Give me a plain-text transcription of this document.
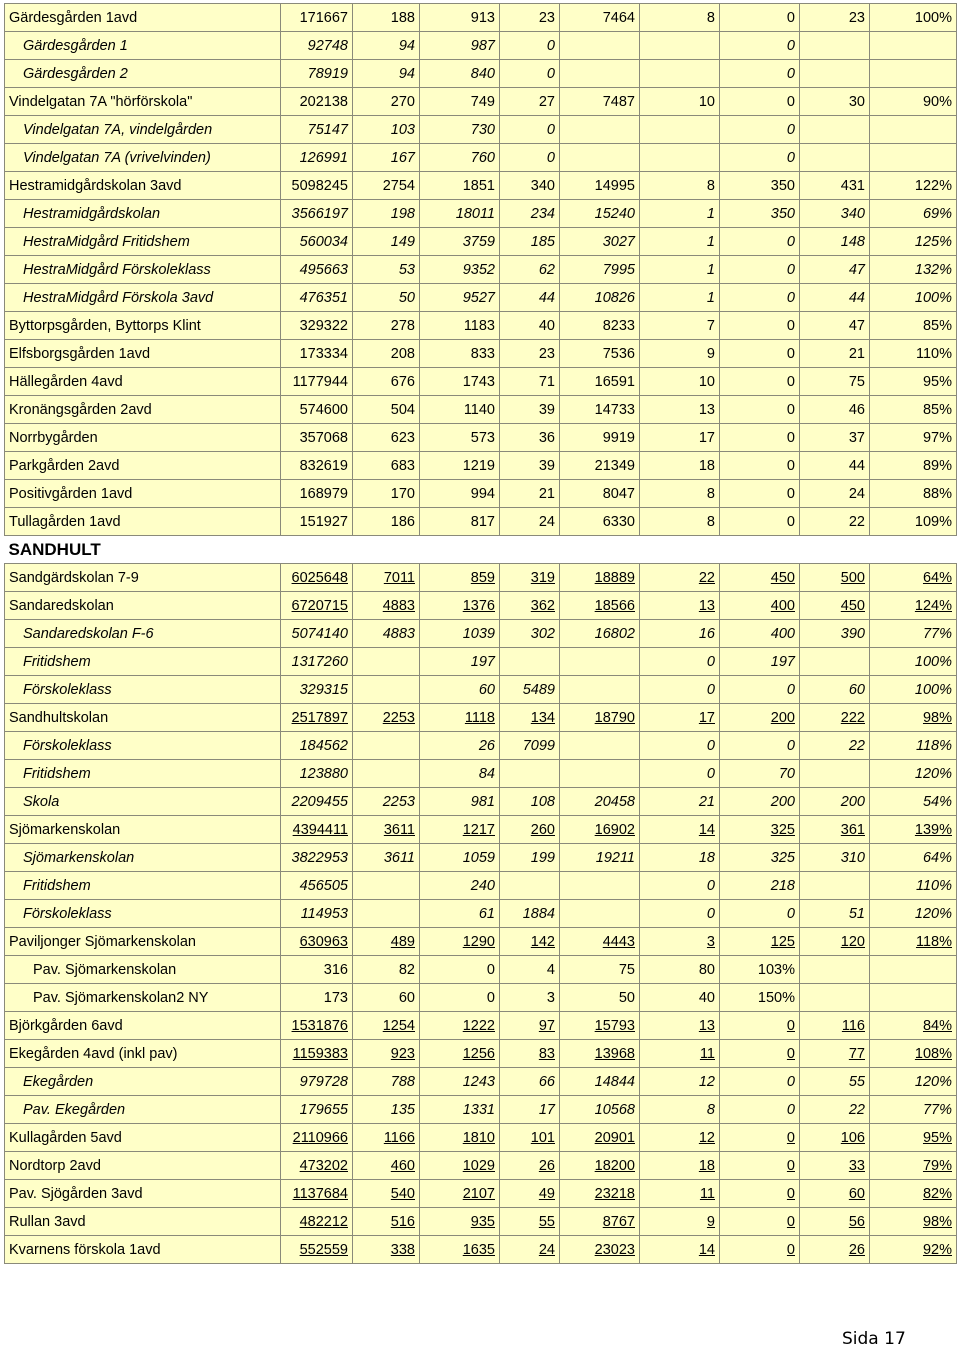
Gärdesgården 1avd	171667	188	913	23	7464	8	0	23	100%
Gärdesgården 1	92748	94	987	0			0		
Gärdesgården 2	78919	94	840	0			0		
Vindelgatan 7A "hörförskola"	202138	270	749	27	7487	10	0	30	90%
Vindelgatan 7A, vindelgården	75147	103	730	0			0		
Vindelgatan 7A (vrivelvinden)	126991	167	760	0			0		
Hestramidgårdskolan 3avd	5098245	2754	1851	340	14995	8	350	431	122%
Hestramidgårdskolan	3566197	198	18011	234	15240	1	350	340	69%
HestraMidgård Fritidshem	560034	149	3759	185	3027	1	0	148	125%
HestraMidgård Förskoleklass	495663	53	9352	62	7995	1	0	47	132%
HestraMidgård Förskola 3avd	476351	50	9527	44	10826	1	0	44	100%
Byttorpsgården, Byttorps Klint	329322	278	1183	40	8233	7	0	47	85%
Elfsborgsgården 1avd	173334	208	833	23	7536	9	0	21	110%
Hällegården 4avd	1177944	676	1743	71	16591	10	0	75	95%
Kronängsgården 2avd	574600	504	1140	39	14733	13	0	46	85%
Norrbygården	357068	623	573	36	9919	17	0	37	97%
Parkgården 2avd	832619	683	1219	39	21349	18	0	44	89%
Positivgården 1avd	168979	170	994	21	8047	8	0	24	88%
Tullagården 1avd	151927	186	817	24	6330	8	0	22	109%
SANDHULT									
Sandgärdskolan 7-9	6025648	7011	859	319	18889	22	450	500	64%
Sandaredskolan	6720715	4883	1376	362	18566	13	400	450	124%
Sandaredskolan F-6	5074140	4883	1039	302	16802	16	400	390	77%
Fritidshem	1317260		197			0	197		100%
Förskoleklass	329315		60	5489		0	0	60	100%
Sandhultskolan	2517897	2253	1118	134	18790	17	200	222	98%
Förskoleklass	184562		26	7099		0	0	22	118%
Fritidshem	123880		84			0	70		120%
Skola	2209455	2253	981	108	20458	21	200	200	54%
Sjömarkenskolan	4394411	3611	1217	260	16902	14	325	361	139%
Sjömarkenskolan	3822953	3611	1059	199	19211	18	325	310	64%
Fritidshem	456505		240			0	218		110%
Förskoleklass	114953		61	1884		0	0	51	120%
Paviljonger Sjömarkenskolan	630963	489	1290	142	4443	3	125	120	118%
Pav. Sjömarkenskolan	316	82	0	4	75	80	103%		
Pav. Sjömarkenskolan2 NY	173	60	0	3	50	40	150%		
Björkgården 6avd	1531876	1254	1222	97	15793	13	0	116	84%
Ekegården 4avd (inkl pav)	1159383	923	1256	83	13968	11	0	77	108%
Ekegården	979728	788	1243	66	14844	12	0	55	120%
Pav. Ekegården	179655	135	1331	17	10568	8	0	22	77%
Kullagården 5avd	2110966	1166	1810	101	20901	12	0	106	95%
Nordtorp 2avd	473202	460	1029	26	18200	18	0	33	79%
Pav. Sjögården 3avd	1137684	540	2107	49	23218	11	0	60	82%
Rullan 3avd	482212	516	935	55	8767	9	0	56	98%
Kvarnens förskola 1avd	552559	338	1635	24	23023	14	0	26	92%
Sida 17
